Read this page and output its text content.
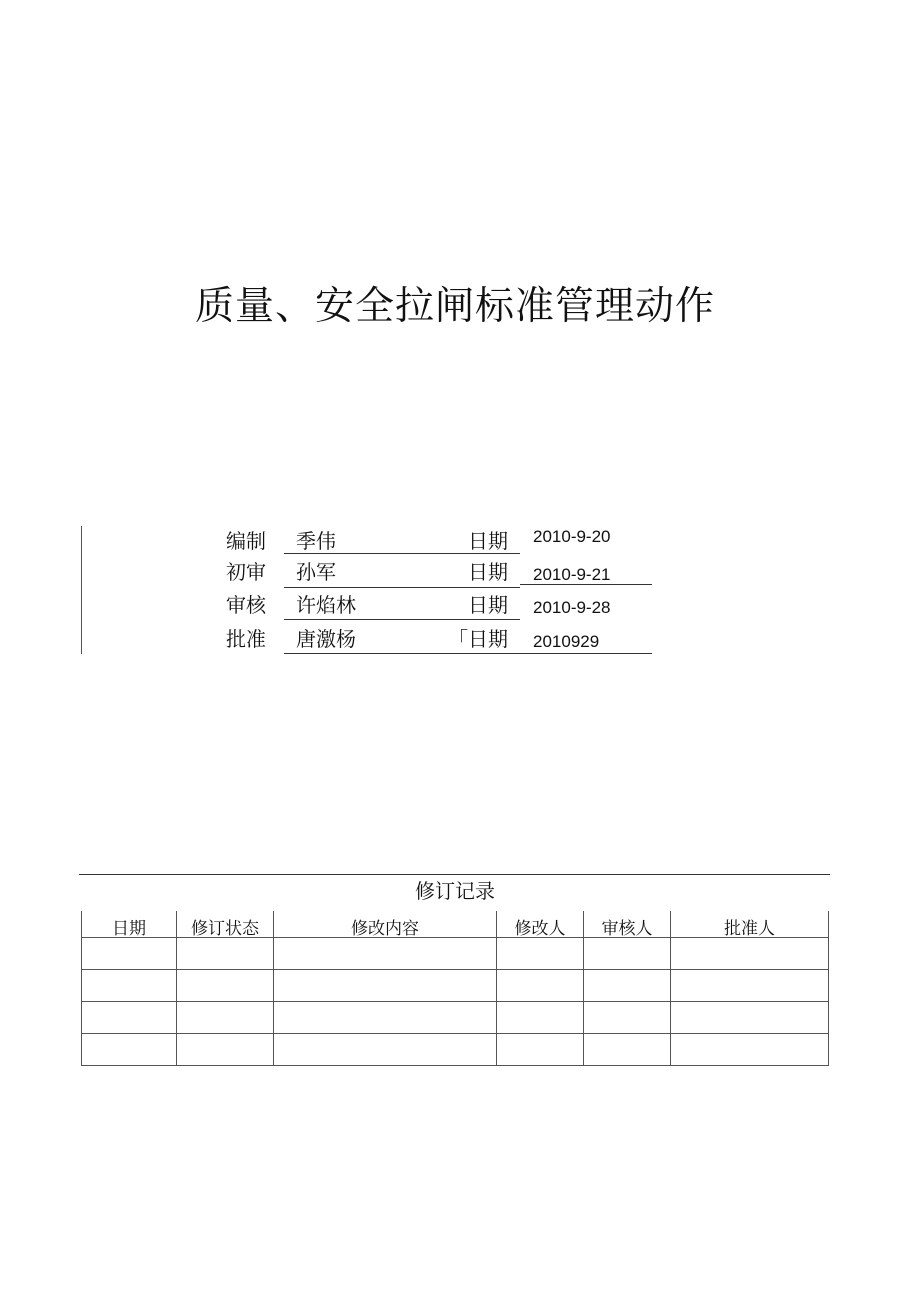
质量、安全拉闸标准管理动作
编制 季伟	日期 2010-9-20
初审 孙军	日期 2010-9-21
审核 许焰林	日期 2010-9-28
批准 唐激杨	「日期 2010929
修订记录
日期	修订状态	修改内容	修改人	审核人	批准人
